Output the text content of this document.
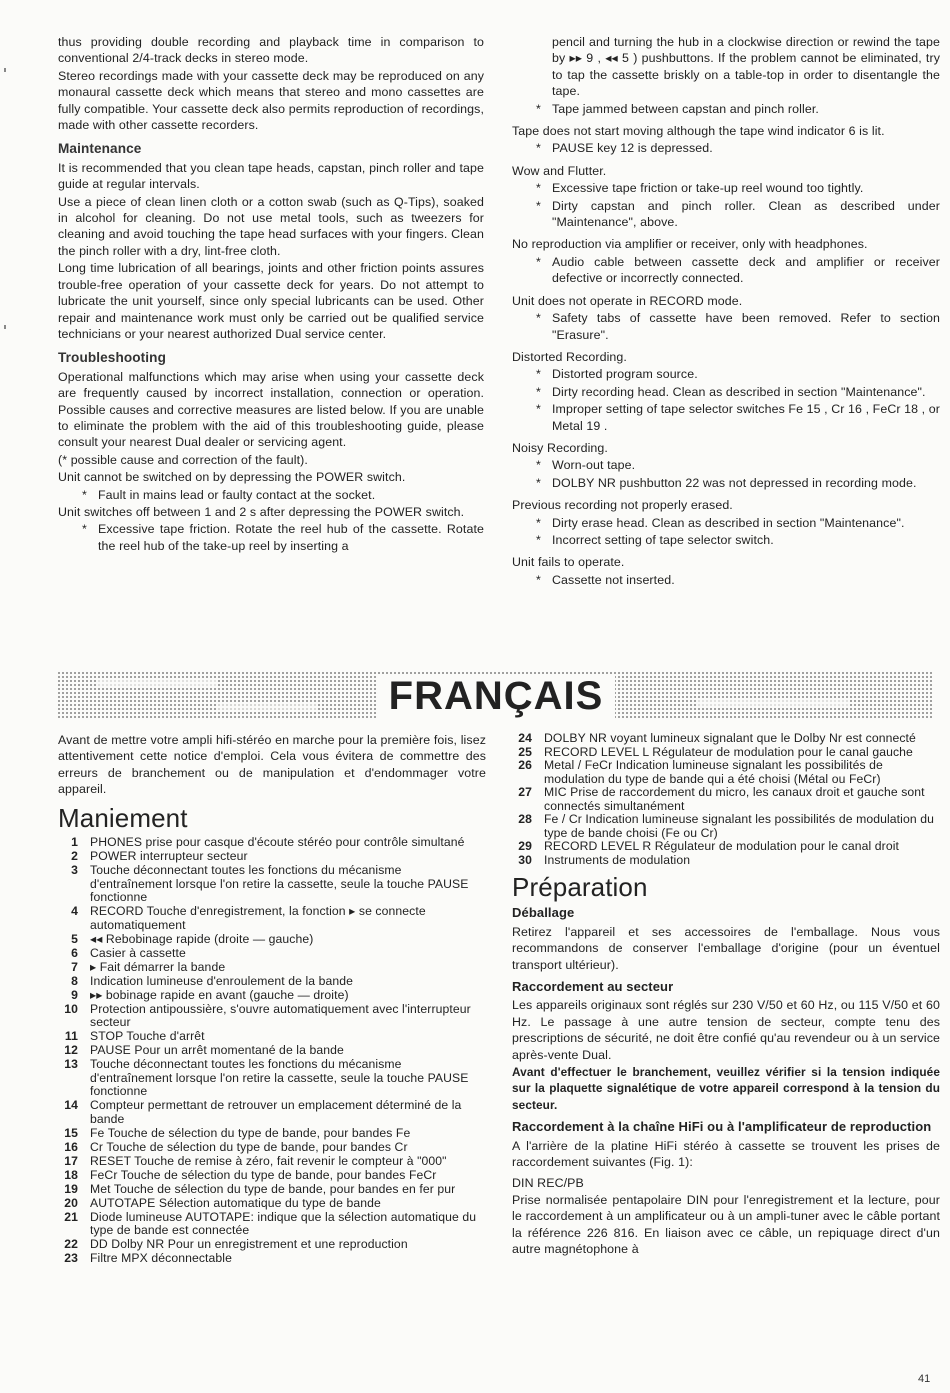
thus providing double recording and playback time in comparison to conventional 2/4-track decks in stereo mode.

Stereo recordings made with your cassette deck may be reproduced on any monaural cassette deck which means that stereo and mono cassettes are fully compatible. Your cassette deck also permits reproduction of recordings, made with other cassette recorders.

Maintenance

It is recommended that you clean tape heads, capstan, pinch roller and tape guide at regular intervals.

Use a piece of clean linen cloth or a cotton swab (such as Q-Tips), soaked in alcohol for cleaning. Do not use metal tools, such as tweezers for cleaning and avoid touching the tape head surfaces with your fingers. Clean the pinch roller with a dry, lint-free cloth.

Long time lubrication of all bearings, joints and other friction points assures trouble-free operation of your cassette deck for years. Do not attempt to lubricate the unit yourself, since only special lubricants can be used. Other repair and maintenance work must only be carried out be qualified service technicians or your nearest authorized Dual service center.

Troubleshooting

Operational malfunctions which may arise when using your cassette deck are frequently caused by incorrect installation, connection or operation. Possible causes and corrective measures are listed below. If you are unable to eliminate the problem with the aid of this troubleshooting guide, please consult your nearest Dual dealer or servicing agent.

(* possible cause and correction of the fault).

Unit cannot be switched on by depressing the POWER switch.

* Fault in mains lead or faulty contact at the socket.

Unit switches off between 1 and 2 s after depressing the POWER switch.

* Excessive tape friction. Rotate the reel hub of the cassette. Rotate the reel hub of the take-up reel by inserting a

pencil and turning the hub in a clockwise direction or rewind the tape by ▸▸ 9 , ◂◂ 5 ) pushbuttons. If the problem cannot be eliminated, try to tap the cassette briskly on a table-top in order to disentangle the tape.

* Tape jammed between capstan and pinch roller.

Tape does not start moving although the tape wind indicator 6 is lit.

* PAUSE key 12 is depressed.

Wow and Flutter.

* Excessive tape friction or take-up reel wound too tightly.

* Dirty capstan and pinch roller. Clean as described under "Maintenance", above.

No reproduction via amplifier or receiver, only with headphones.

* Audio cable between cassette deck and amplifier or receiver defective or incorrectly connected.

Unit does not operate in RECORD mode.

* Safety tabs of cassette have been removed. Refer to section "Erasure".

Distorted Recording.

* Distorted program source.

* Dirty recording head. Clean as described in section "Maintenance".

* Improper setting of tape selector switches Fe 15 , Cr 16 , FeCr 18 , or Metal 19 .

Noisy Recording.

* Worn-out tape.

* DOLBY NR pushbutton 22 was not depressed in recording mode.

Previous recording not properly erased.

* Dirty erase head. Clean as described in section "Maintenance".

* Incorrect setting of tape selector switch.

Unit fails to operate.

* Cassette not inserted.

FRANÇAIS

Avant de mettre votre ampli hifi-stéréo en marche pour la première fois, lisez attentivement cette notice d'emploi. Cela vous évitera de commettre des erreurs de branchement ou de manipulation et d'endommager votre appareil.

Maniement
1 PHONES prise pour casque d'écoute stéréo pour contrôle simultané
2 POWER interrupteur secteur
3 Touche déconnectant toutes les fonctions du mécanisme d'entraînement lorsque l'on retire la cassette, seule la touche PAUSE fonctionne
4 RECORD Touche d'enregistrement, la fonction ▸ se connecte automatiquement
5 ◂◂ Rebobinage rapide (droite — gauche)
6 Casier à cassette
7 ▸ Fait démarrer la bande
8 Indication lumineuse d'enroulement de la bande
9 ▸▸ bobinage rapide en avant (gauche — droite)
10 Protection antipoussière, s'ouvre automatiquement avec l'interrupteur secteur
11 STOP Touche d'arrêt
12 PAUSE Pour un arrêt momentané de la bande
13 Touche déconnectant toutes les fonctions du mécanisme d'entraînement lorsque l'on retire la cassette, seule la touche PAUSE fonctionne
14 Compteur permettant de retrouver un emplacement déterminé de la bande
15 Fe Touche de sélection du type de bande, pour bandes Fe
16 Cr Touche de sélection du type de bande, pour bandes Cr
17 RESET Touche de remise à zéro, fait revenir le compteur à "000"
18 FeCr Touche de sélection du type de bande, pour bandes FeCr
19 Met Touche de sélection du type de bande, pour bandes en fer pur
20 AUTOTAPE Sélection automatique du type de bande
21 Diode lumineuse AUTOTAPE: indique que la sélection automatique du type de bande est connectée
22 DD Dolby NR Pour un enregistrement et une reproduction
23 Filtre MPX déconnectable
24 DOLBY NR voyant lumineux signalant que le Dolby Nr est connecté
25 RECORD LEVEL L Régulateur de modulation pour le canal gauche
26 Metal / FeCr Indication lumineuse signalant les possibilités de modulation du type de bande qui a été choisi (Métal ou FeCr)
27 MIC Prise de raccordement du micro, les canaux droit et gauche sont connectés simultanément
28 Fe / Cr Indication lumineuse signalant les possibilités de modulation du type de bande choisi (Fe ou Cr)
29 RECORD LEVEL R Régulateur de modulation pour le canal droit
30 Instruments de modulation
Préparation
Déballage

Retirez l'appareil et ses accessoires de l'emballage. Nous vous recommandons de conserver l'emballage d'origine (pour un éventuel transport ultérieur).

Raccordement au secteur

Les appareils originaux sont réglés sur 230 V/50 et 60 Hz, ou 115 V/50 et 60 Hz. Le passage à une autre tension de secteur, compte tenu des prescriptions de sécurité, ne doit être confié qu'au revendeur ou à un service après-vente Dual.

Avant d'effectuer le branchement, veuillez vérifier si la tension indiquée sur la plaquette signalétique de votre appareil correspond à la tension du secteur.

Raccordement à la chaîne HiFi ou à l'amplificateur de reproduction

A l'arrière de la platine HiFi stéréo à cassette se trouvent les prises de raccordement suivantes (Fig. 1):

DIN REC/PB

Prise normalisée pentapolaire DIN pour l'enregistrement et la lecture, pour le raccordement à un amplificateur ou à un ampli-tuner avec le câble portant la référence 226 816. En liaison avec ce câble, un repiquage direct d'un autre magnétophone à

41
